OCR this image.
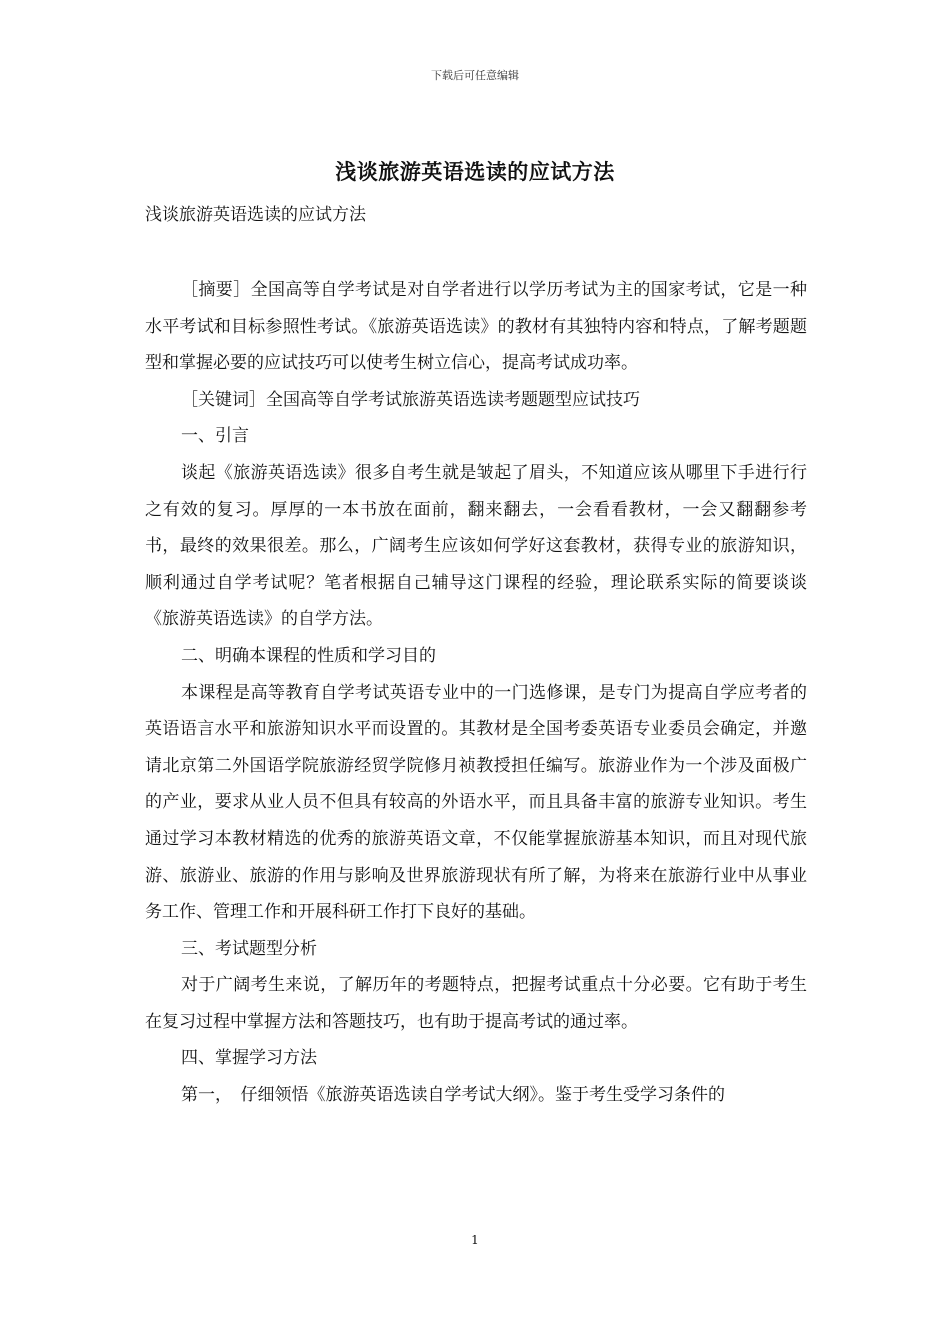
下载后可任意编辑
浅谈旅游英语选读的应试方法
浅谈旅游英语选读的应试方法

［摘要］全国高等自学考试是对自学者进行以学历考试为主的国家考试，它是一种水平考试和目标参照性考试。《旅游英语选读》的教材有其独特内容和特点，了解考题题型和掌握必要的应试技巧可以使考生树立信心，提高考试成功率。

［关键词］全国高等自学考试旅游英语选读考题题型应试技巧

一、引言

谈起《旅游英语选读》很多自考生就是皱起了眉头，不知道应该从哪里下手进行行之有效的复习。厚厚的一本书放在面前，翻来翻去，一会看看教材，一会又翻翻参考书，最终的效果很差。那么，广阔考生应该如何学好这套教材，获得专业的旅游知识，顺利通过自学考试呢？笔者根据自己辅导这门课程的经验，理论联系实际的简要谈谈《旅游英语选读》的自学方法。

二、明确本课程的性质和学习目的

本课程是高等教育自学考试英语专业中的一门选修课，是专门为提高自学应考者的英语语言水平和旅游知识水平而设置的。其教材是全国考委英语专业委员会确定，并邀请北京第二外国语学院旅游经贸学院修月祯教授担任编写。旅游业作为一个涉及面极广的产业，要求从业人员不但具有较高的外语水平，而且具备丰富的旅游专业知识。考生通过学习本教材精选的优秀的旅游英语文章，不仅能掌握旅游基本知识，而且对现代旅游、旅游业、旅游的作用与影响及世界旅游现状有所了解，为将来在旅游行业中从事业务工作、管理工作和开展科研工作打下良好的基础。

三、考试题型分析

对于广阔考生来说，了解历年的考题特点，把握考试重点十分必要。它有助于考生在复习过程中掌握方法和答题技巧，也有助于提高考试的通过率。

四、掌握学习方法

第一，　仔细领悟《旅游英语选读自学考试大纲》。鉴于考生受学习条件的

1
